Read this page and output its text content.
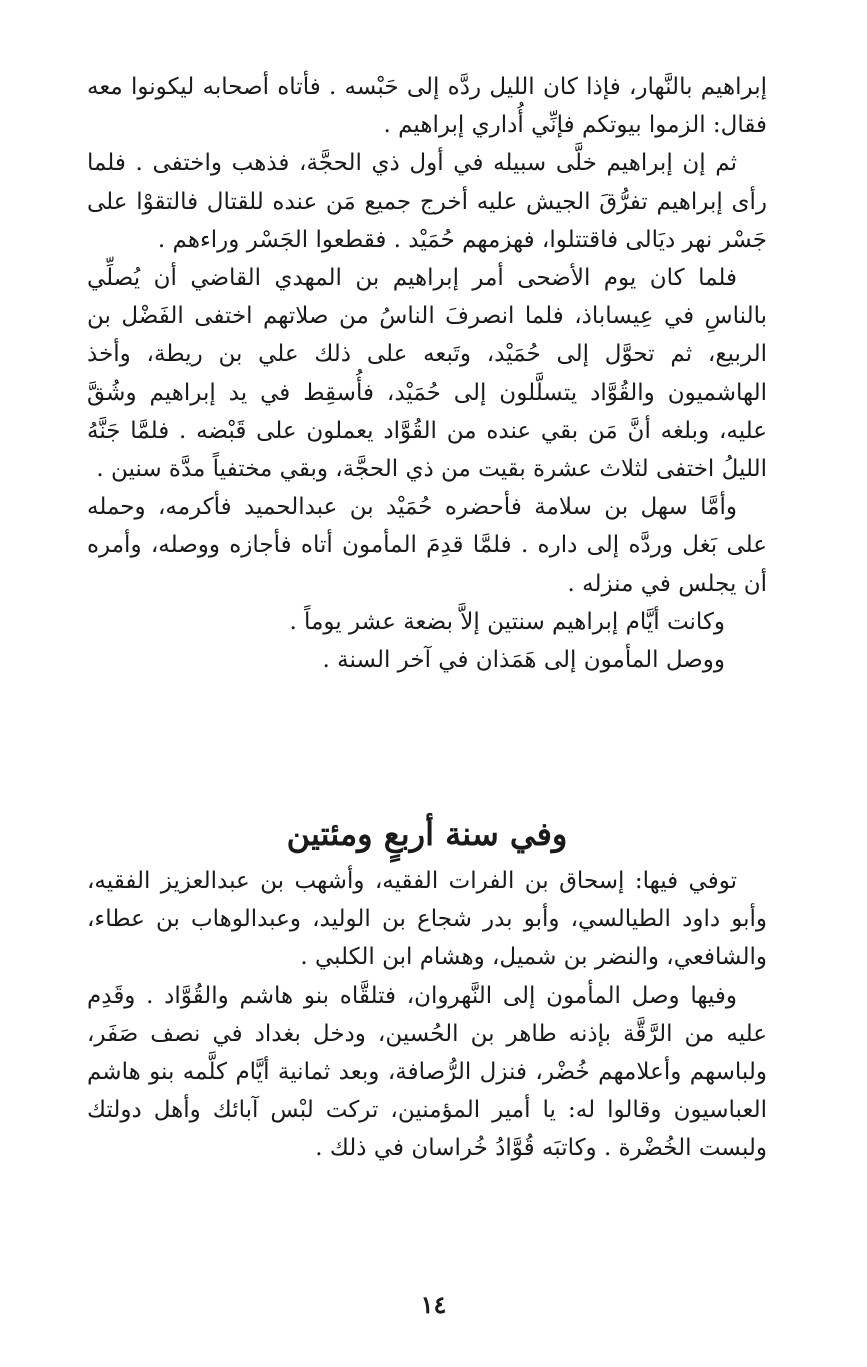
إبراهيم بالنَّهار، فإذا كان الليل ردَّه إلى حَبْسه . فأتاه أصحابه ليكونوا معه فقال: الزموا بيوتكم فإنِّي أُداري إبراهيم .

ثم إن إبراهيم خلَّى سبيله في أول ذي الحجَّة، فذهب واختفى . فلما رأى إبراهيم تفرُّقَ الجيش عليه أخرج جميع مَن عنده للقتال فالتقوْا على جَسْر نهر ديَالى فاقتتلوا، فهزمهم حُمَيْد . فقطعوا الجَسْر وراءهم .

فلما كان يوم الأضحى أمر إبراهيم بن المهدي القاضي أن يُصلِّي بالناسِ في عِيساباذ، فلما انصرفَ الناسُ من صلاتهم اختفى الفَضْل بن الربيع، ثم تحوَّل إلى حُمَيْد، وتَبعه على ذلك علي بن ريطة، وأخذ الهاشميون والقُوَّاد يتسلَّلون إلى حُمَيْد، فأُسقِط في يد إبراهيم وشُقَّ عليه، وبلغه أنَّ مَن بقي عنده من القُوَّاد يعملون على قَبْضه . فلمَّا جَنَّهُ الليلُ اختفى لثلاث عشرة بقيت من ذي الحجَّة، وبقي مختفياً مدَّة سنين .

وأمَّا سهل بن سلامة فأحضره حُمَيْد بن عبدالحميد فأكرمه، وحمله على بَغل وردَّه إلى داره . فلمَّا قدِمَ المأمون أتاه فأجازه ووصله، وأمره أن يجلس في منزله .

وكانت أيَّام إبراهيم سنتين إلاَّ بضعة عشر يوماً .

ووصل المأمون إلى هَمَذان في آخر السنة .

وفي سنة أربعٍ ومئتين

توفي فيها: إسحاق بن الفرات الفقيه، وأشهب بن عبدالعزيز الفقيه، وأبو داود الطيالسي، وأبو بدر شجاع بن الوليد، وعبدالوهاب بن عطاء، والشافعي، والنضر بن شميل، وهشام ابن الكلبي .

وفيها وصل المأمون إلى النَّهروان، فتلقَّاه بنو هاشم والقُوَّاد . وقَدِم عليه من الرَّقَّة بإذنه طاهر بن الحُسين، ودخل بغداد في نصف صَفَر، ولباسهم وأعلامهم خُضْر، فنزل الرُّصافة، وبعد ثمانية أيَّام كلَّمه بنو هاشم العباسيون وقالوا له: يا أمير المؤمنين، تركت لبْس آبائك وأهل دولتك ولبست الخُضْرة . وكاتبَه قُوَّادُ خُراسان في ذلك .

١٤
